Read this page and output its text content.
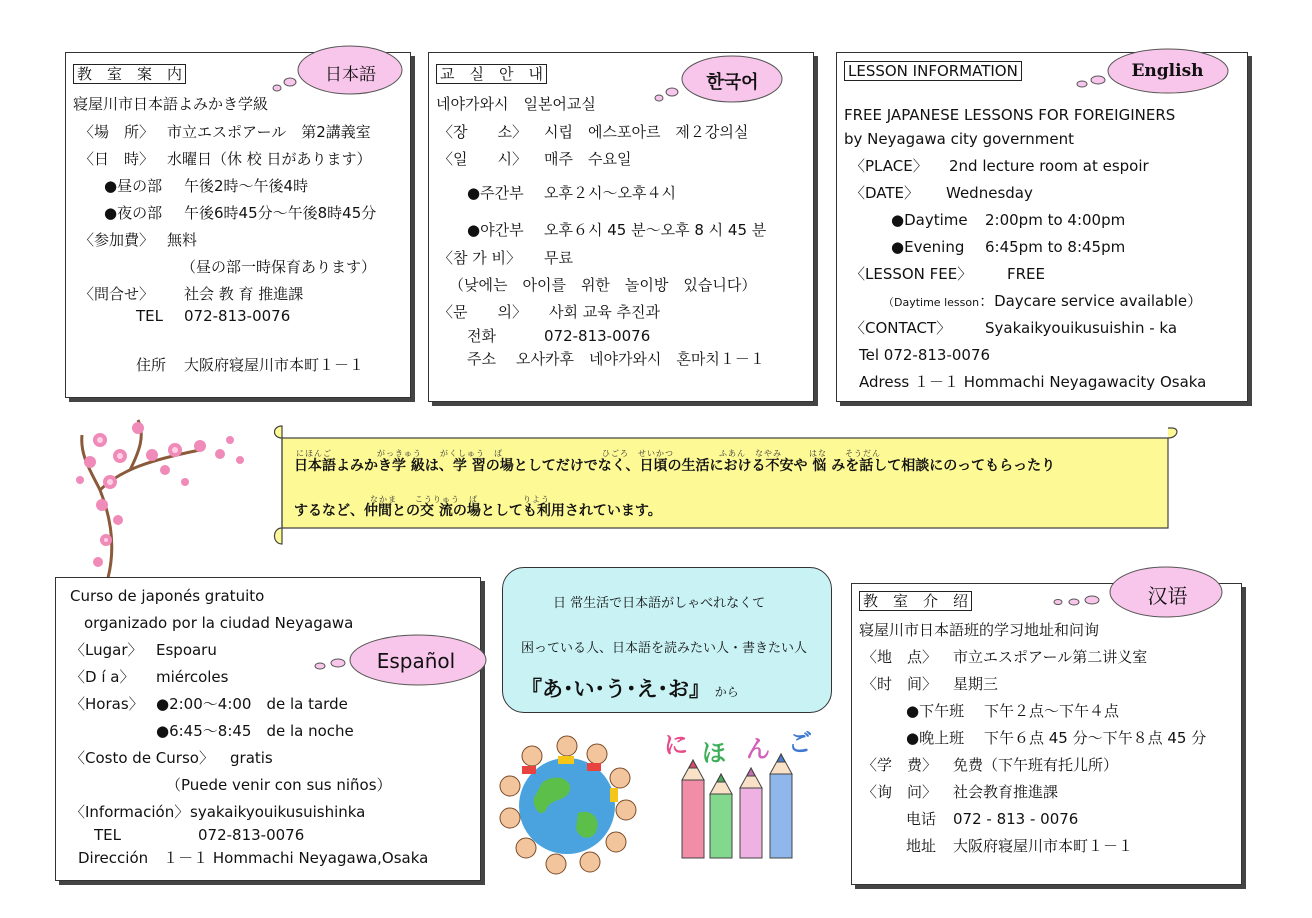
教　室　案　内
寝屋川市日本語よみかき学級
〈場　所〉 市立エスポアール　第2講義室
〈日　時〉 水曜日（休 校 日があります）
●昼の部 午後2時～午後4時
●夜の部 午後6時45分～午後8時45分
〈参加費〉 無料
（昼の部一時保育あります）
〈問合せ〉 社会 教 育 推進課
TEL 072-813-0076
住所 大阪府寝屋川市本町１－１
日本語	교　실　안　내
네야가와시　일본어교실
〈장　　소〉 시립　에스포아르　제２강의실
〈일　　시〉 매주　수요일
●주간부 오후２시～오후４시
●야간부 오후６시 45 분～오후 8 시 45 분
〈참 가 비〉 무료
（낮에는　아이를　위한　놀이방　있습니다）
〈문　　의〉 사회 교육 추진과
전화	072-813-0076
주소 오사카후　네야가와시　혼마치１－１
한국어
LESSON INFORMATION
FREE JAPANESE LESSONS FOR FOREIGINERS
by Neyagawa city government
〈PLACE〉 2nd lecture room at espoir
〈DATE〉 Wednesday
●Daytime 2:00pm to 4:00pm
●Evening 6:45pm to 8:45pm
〈LESSON FEE〉 FREE
（Daytime lesson：Daycare service available）
〈CONTACT〉 Syakaikyouikusuishin - ka
Tel 072-813-0076
Adress １－１ Hommachi Neyagawacity Osaka
English
にほんご　　　　　がっきゅう　　がくしゅう　ば　　　　　　　　　　　ひごろ　せいかつ　　　　　ふあん　なやみ　　　はな　　そうだん
日本語よみかき学 級は、学 習の場としてだけでなく、日頃の生活における不安や 悩 みを話して相談にのってもらったり
なかま　　こうりゅう　ば　　　　　りよう
するなど、仲間との交 流の場としても利用されています。
Curso de japonés gratuito
organizado por la ciudad Neyagawa
〈Lugar〉 Espoaru
〈D í a〉 miércoles
〈Horas〉 ●2:00～4:00　de la tarde
●6:45～8:45　de la noche
〈Costo de Curso〉 gratis
（Puede venir con sus niños）
〈Información〉 syakaikyouikusuishinka
TEL	072-813-0076
Dirección　１－１ Hommachi Neyagawa,Osaka
Español
日 常生活で日本語がしゃべれなくて
困っている人、日本語を読みたい人・書きたい人
『あ･い･う･え･お』 から
に ほ ん ご
教　室　介　绍
寝屋川市日本語班的学习地址和问询
〈地　点〉 市立エスポアール第二讲义室
〈时　间〉 星期三
●下午班 下午２点～下午４点
●晚上班 下午６点 45 分～下午８点 45 分
〈学　费〉 免费（下午班有托儿所）
〈询　问〉 社会教育推進課
电话 072 - 813 - 0076
地址 大阪府寝屋川市本町１－１
汉语
